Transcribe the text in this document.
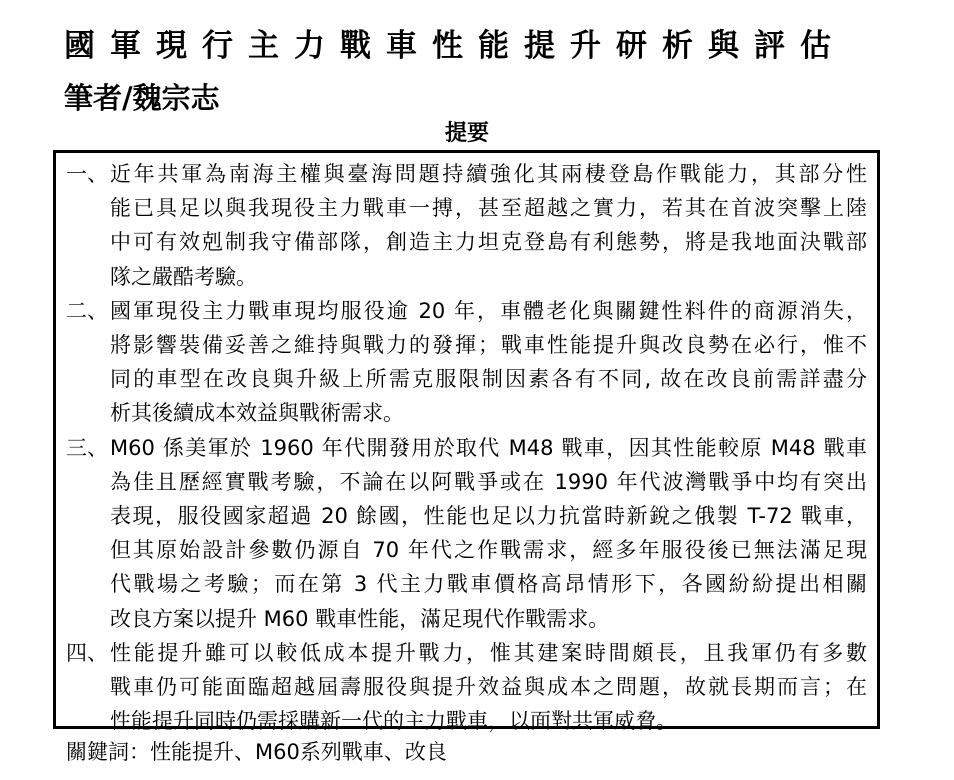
國軍現行主力戰車性能提升研析與評估
筆者/魏宗志
提要
一、 近年共軍為南海主權與臺海問題持續強化其兩棲登島作戰能力，其部分性
能已具足以與我現役主力戰車一搏，甚至超越之實力，若其在首波突擊上陸
中可有效剋制我守備部隊，創造主力坦克登島有利態勢，將是我地面決戰部
隊之嚴酷考驗。
二、 國軍現役主力戰車現均服役逾 20 年，車體老化與關鍵性料件的商源消失，
將影響裝備妥善之維持與戰力的發揮；戰車性能提升與改良勢在必行，惟不
同的車型在改良與升級上所需克服限制因素各有不同, 故在改良前需詳盡分
析其後續成本效益與戰術需求。
三、 M60 係美軍於 1960 年代開發用於取代 M48 戰車，因其性能較原 M48 戰車
為佳且歷經實戰考驗，不論在以阿戰爭或在 1990 年代波灣戰爭中均有突出
表現，服役國家超過 20 餘國，性能也足以力抗當時新銳之俄製 T-72 戰車，
但其原始設計參數仍源自 70 年代之作戰需求，經多年服役後已無法滿足現
代戰場之考驗；而在第 3 代主力戰車價格高昂情形下，各國紛紛提出相關
改良方案以提升 M60 戰車性能，滿足現代作戰需求。
四、 性能提升雖可以較低成本提升戰力，惟其建案時間頗長，且我軍仍有多數
戰車仍可能面臨超越屆壽服役與提升效益與成本之問題，故就長期而言；在
性能提升同時仍需採購新一代的主力戰車，以面對共軍威脅。
關鍵詞：性能提升、M60系列戰車、改良
